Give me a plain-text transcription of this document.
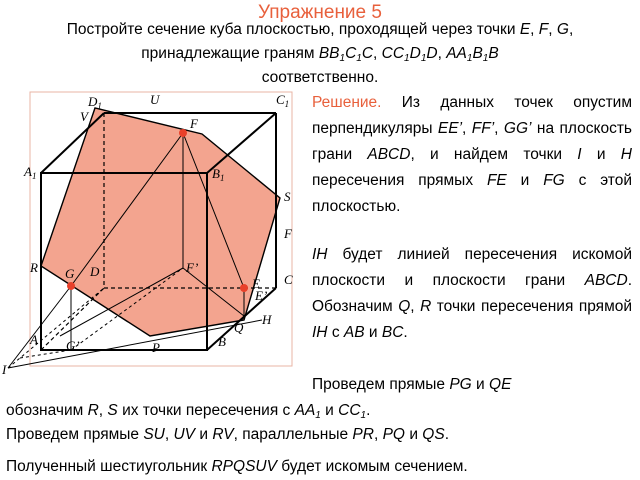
Упражнение 5
Постройте сечение куба плоскостью, проходящей через точки E, F, G, принадлежащие граням $BB_1C_1C$, $CC_1D_1D$, $AA_1B_1B$
соответственно.
$D_1$	U	$C_1$
V	F
$A_1$	$B_1$
S
F
R G D	F’
C
E
E’
H
Q
A	B
G’	P
I
Решение. Из данных точек опустим перпендикуляры EE’, FF’, GG’ на плоскость грани ABCD, и найдем точки I и H пересечения прямых FE и FG с этой плоскостью.
IH будет линией пересечения искомой плоскости и плоскости грани ABCD. Обозначим Q, R точки пересечения прямой IH с AB и BC.
Проведем прямые PG и QE
обозначим R, S их точки пересечения с $AA_1$ и $CC_1$.
Проведем прямые SU, UV и RV, параллельные PR, PQ и QS.
Полученный шестиугольник RPQSUV будет искомым сечением.
